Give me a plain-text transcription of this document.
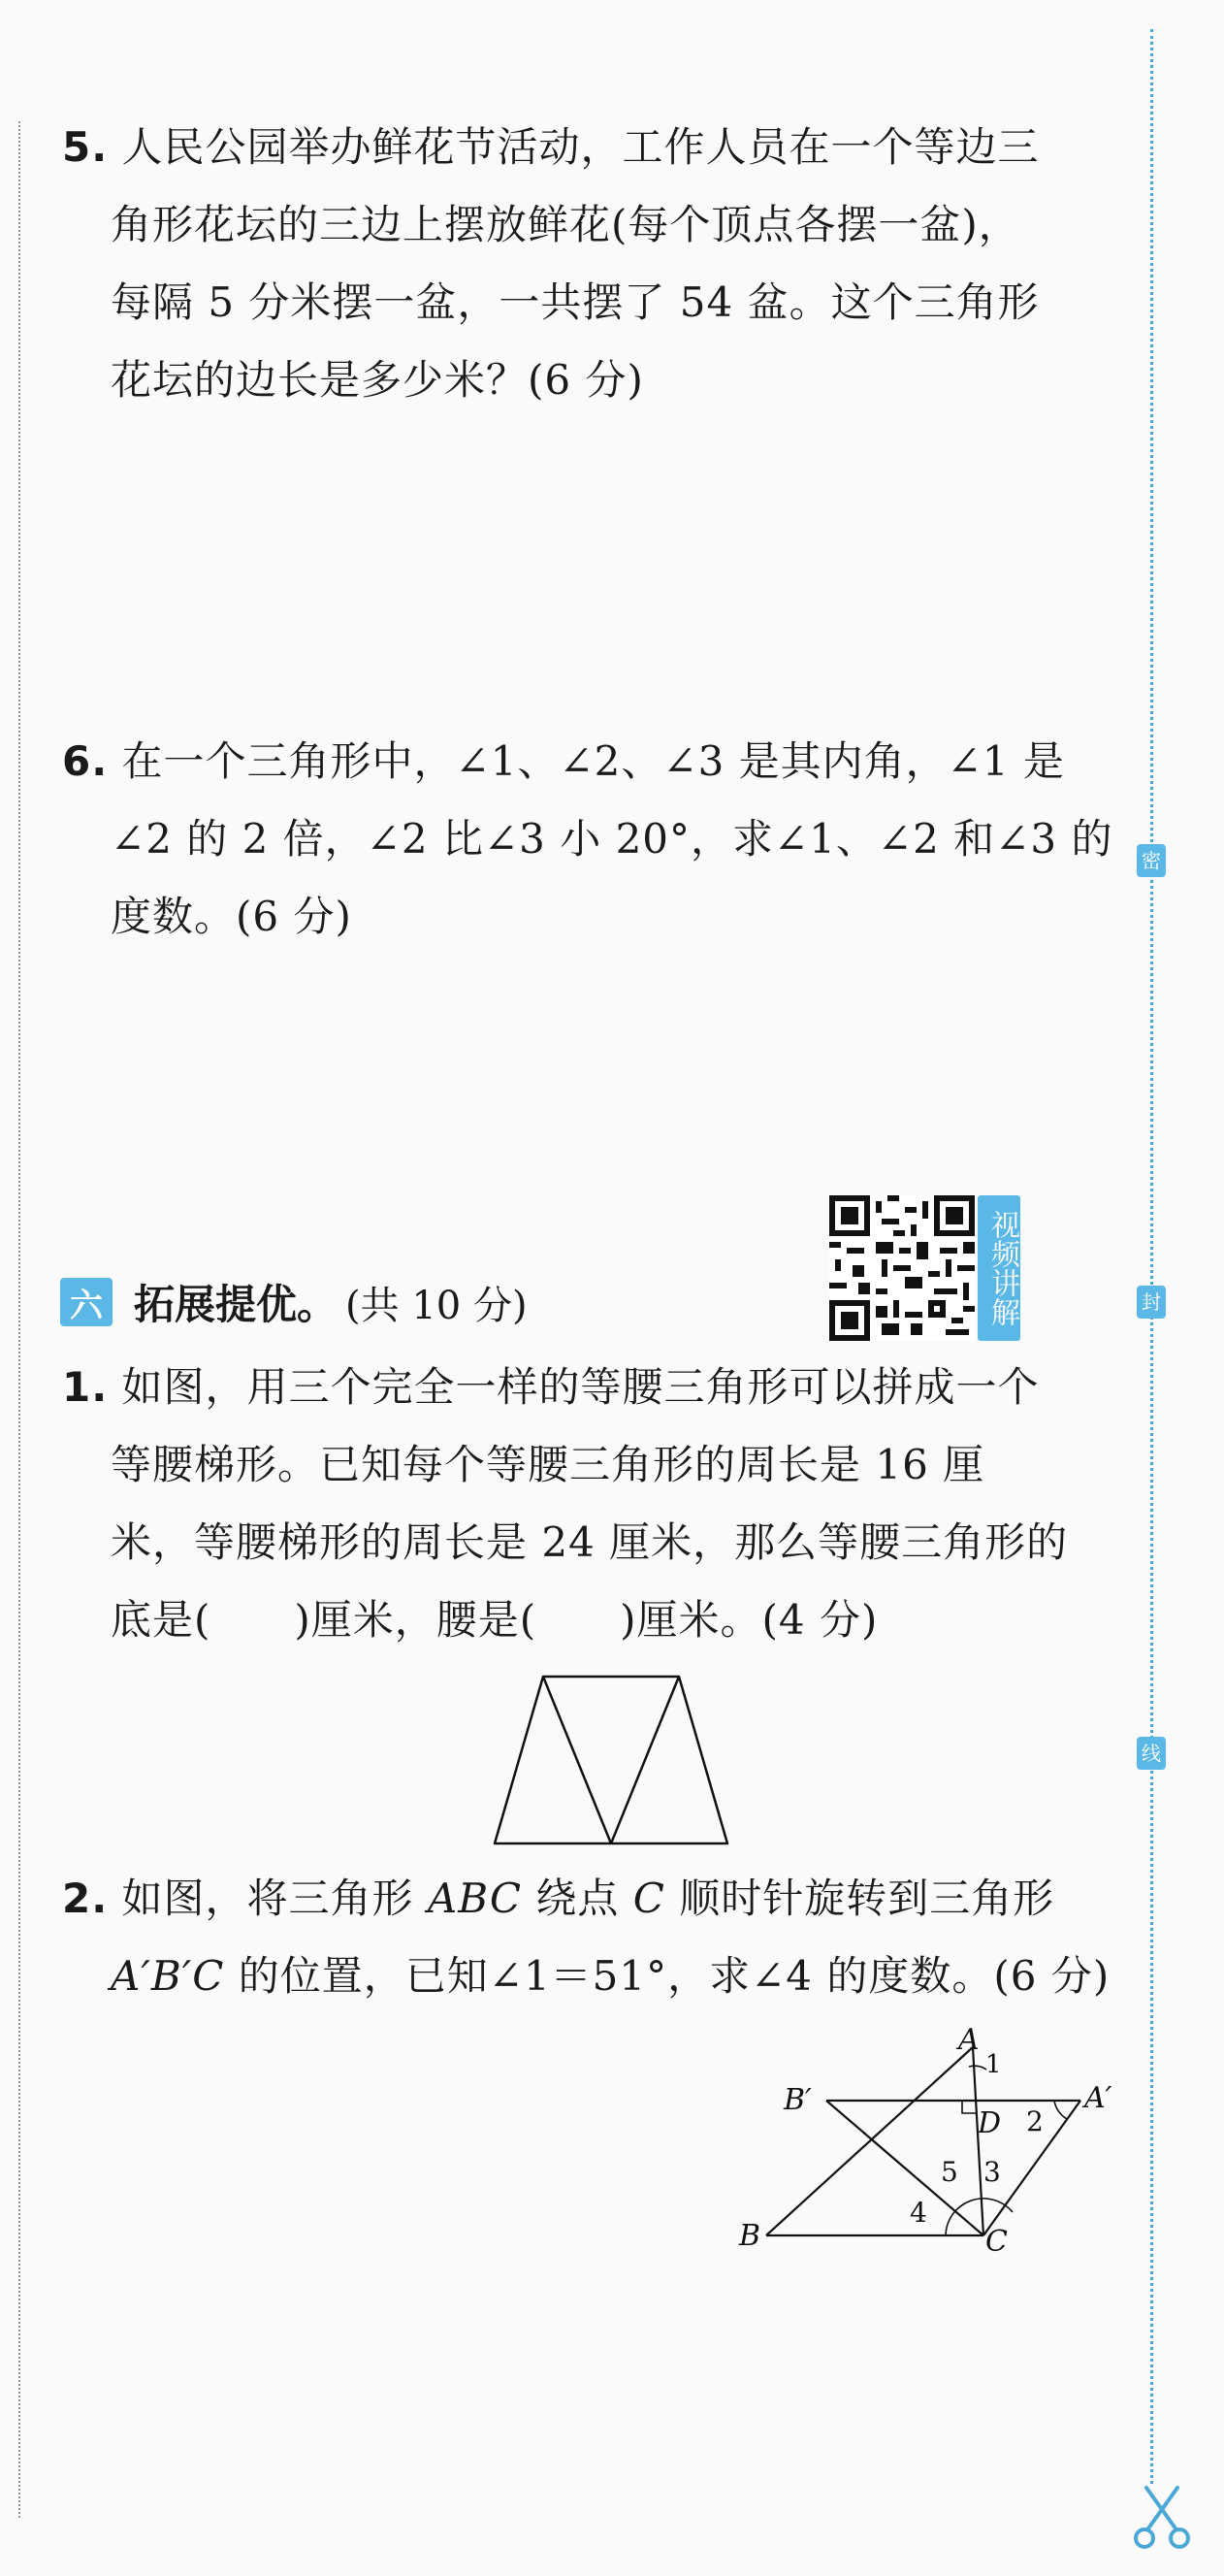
密
封
线
5. 人民公园举办鲜花节活动，工作人员在一个等边三
角形花坛的三边上摆放鲜花(每个顶点各摆一盆)，
每隔 5 分米摆一盆，一共摆了 54 盆。这个三角形
花坛的边长是多少米？(6 分)
6. 在一个三角形中，∠1、∠2、∠3 是其内角，∠1 是
∠2 的 2 倍，∠2 比∠3 小 20°，求∠1、∠2 和∠3 的
度数。(6 分)
视频讲解
六 拓展提优。 (共 10 分)
1. 如图，用三个完全一样的等腰三角形可以拼成一个
等腰梯形。已知每个等腰三角形的周长是 16 厘
米，等腰梯形的周长是 24 厘米，那么等腰三角形的
底是(　　)厘米，腰是(　　)厘米。(4 分)
2. 如图，将三角形 ABC 绕点 C 顺时针旋转到三角形
A′B′C 的位置，已知∠1＝51°，求∠4 的度数。(6 分)
A
1
B′
D 2
A′
5 3
4
B	C
